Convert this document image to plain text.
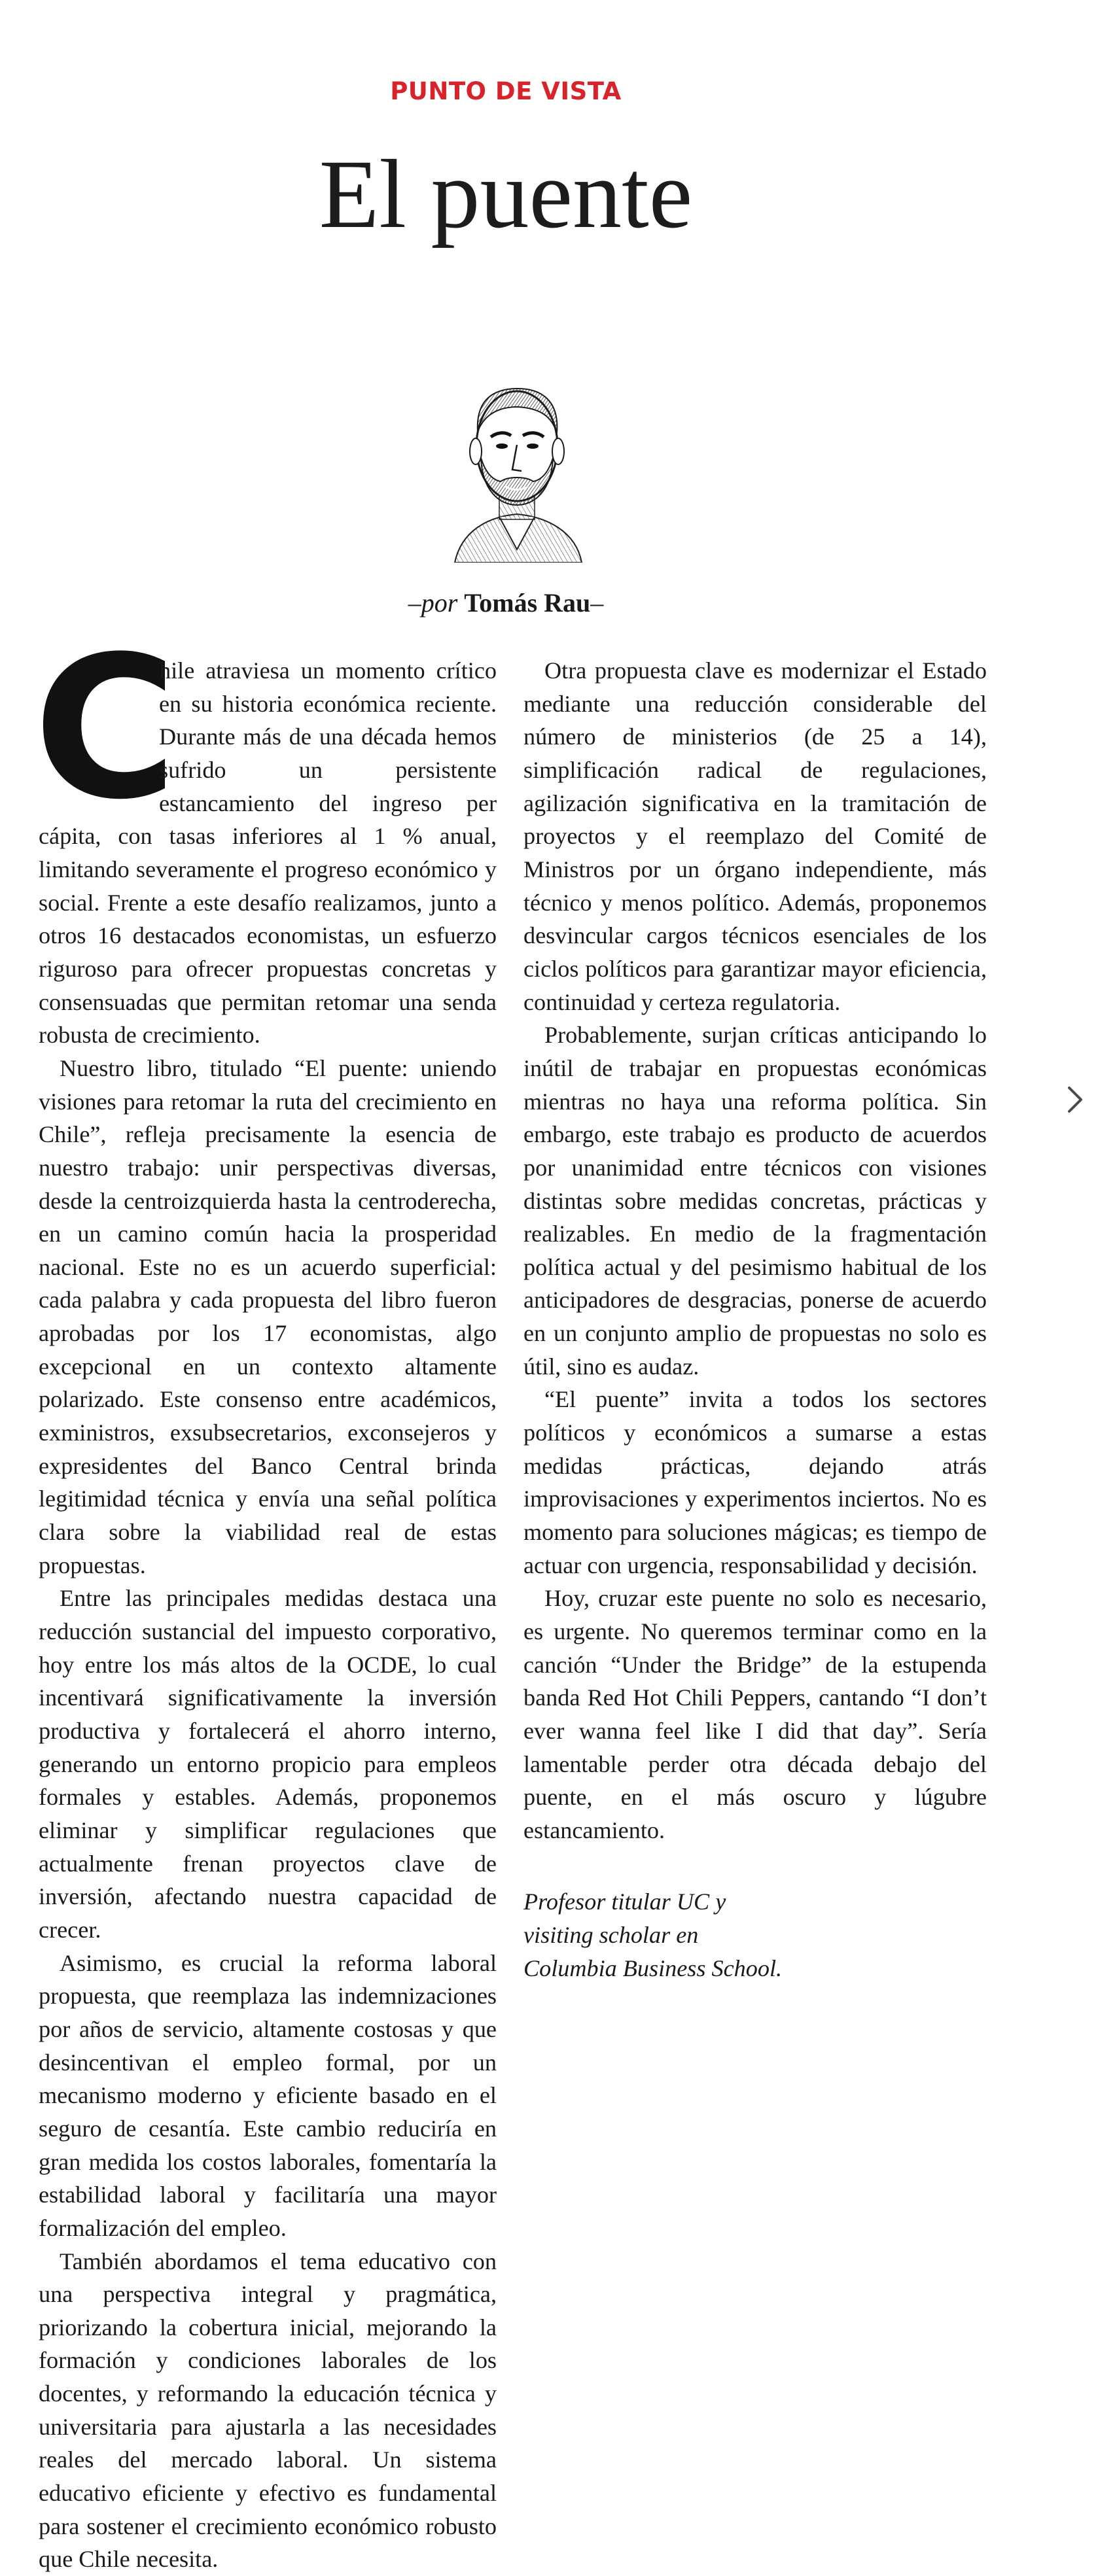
PUNTO DE VISTA
El puente
–por Tomás Rau–

C
hile atraviesa un momento crítico en su historia económica reciente. Durante más de una década hemos sufrido un persistente estancamiento del ingreso per cápita, con tasas inferiores al 1 % anual, limitando severamente el progreso económico y social. Frente a este desafío realizamos, junto a otros 16 destacados economistas, un esfuerzo riguroso para ofrecer propuestas concretas y consensuadas que permitan retomar una senda robusta de crecimiento.

Nuestro libro, titulado “El puente: uniendo visiones para retomar la ruta del crecimiento en Chile”, refleja precisamente la esencia de nuestro trabajo: unir perspectivas diversas, desde la centroizquierda hasta la centroderecha, en un camino común hacia la prosperidad nacional. Este no es un acuerdo superficial: cada palabra y cada propuesta del libro fueron aprobadas por los 17 economistas, algo excepcional en un contexto altamente polarizado. Este consenso entre académicos, exministros, exsubsecretarios, exconsejeros y expresidentes del Banco Central brinda legitimidad técnica y envía una señal política clara sobre la viabilidad real de estas propuestas.

Entre las principales medidas destaca una reducción sustancial del impuesto corporativo, hoy entre los más altos de la OCDE, lo cual incentivará significativamente la inversión productiva y fortalecerá el ahorro interno, generando un entorno propicio para empleos formales y estables. Además, proponemos eliminar y simplificar regulaciones que actualmente frenan proyectos clave de inversión, afectando nuestra capacidad de crecer.

Asimismo, es crucial la reforma laboral propuesta, que reemplaza las indemnizaciones por años de servicio, altamente costosas y que desincentivan el empleo formal, por un mecanismo moderno y eficiente basado en el seguro de cesantía. Este cambio reduciría en gran medida los costos laborales, fomentaría la estabilidad laboral y facilitaría una mayor formalización del empleo.

También abordamos el tema educativo con una perspectiva integral y pragmática, priorizando la cobertura inicial, mejorando la formación y condiciones laborales de los docentes, y reformando la educación técnica y universitaria para ajustarla a las necesidades reales del mercado laboral. Un sistema educativo eficiente y efectivo es fundamental para sostener el crecimiento económico robusto que Chile necesita.

Otra propuesta clave es modernizar el Estado mediante una reducción considerable del número de ministerios (de 25 a 14), simplificación radical de regulaciones, agilización significativa en la tramitación de proyectos y el reemplazo del Comité de Ministros por un órgano independiente, más técnico y menos político. Además, proponemos desvincular cargos técnicos esenciales de los ciclos políticos para garantizar mayor eficiencia, continuidad y certeza regulatoria.

Probablemente, surjan críticas anticipando lo inútil de trabajar en propuestas económicas mientras no haya una reforma política. Sin embargo, este trabajo es producto de acuerdos por unanimidad entre técnicos con visiones distintas sobre medidas concretas, prácticas y realizables. En medio de la fragmentación política actual y del pesimismo habitual de los anticipadores de desgracias, ponerse de acuerdo en un conjunto amplio de propuestas no solo es útil, sino es audaz.

“El puente” invita a todos los sectores políticos y económicos a sumarse a estas medidas prácticas, dejando atrás improvisaciones y experimentos inciertos. No es momento para soluciones mágicas; es tiempo de actuar con urgencia, responsabilidad y decisión.

Hoy, cruzar este puente no solo es necesario, es urgente. No queremos terminar como en la canción “Under the Bridge” de la estupenda banda Red Hot Chili Peppers, cantando “I don’t ever wanna feel like I did that day”. Sería lamentable perder otra década debajo del puente, en el más oscuro y lúgubre estancamiento.

Profesor titular UC y
visiting scholar en
Columbia Business School.
